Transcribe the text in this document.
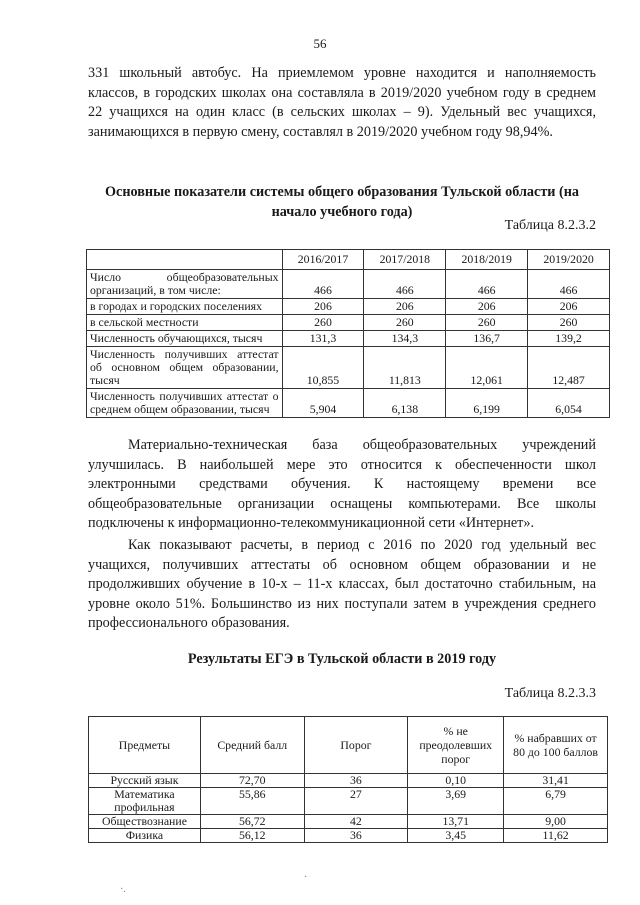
56

331 школьный автобус. На приемлемом уровне находится и наполняемость классов, в городских школах она составляла в 2019/2020 учебном году в среднем 22 учащихся на один класс (в сельских школах – 9). Удельный вес учащихся, занимающихся в первую смену, составлял в 2019/2020 учебном году 98,94%.

Основные показатели системы общего образования Тульской области (на начало учебного года)

Таблица 8.2.3.2
	2016/2017	2017/2018	2018/2019	2019/2020
Число общеобразовательных организаций, в том числе:	466	466	466	466
в городах и городских поселениях	206	206	206	206
в сельской местности	260	260	260	260
Численность обучающихся, тысяч	131,3	134,3	136,7	139,2
Численность получивших аттестат об основном общем образовании, тысяч	10,855	11,813	12,061	12,487
Численность получивших аттестат о среднем общем образовании, тысяч	5,904	6,138	6,199	6,054

Материально-техническая база общеобразовательных учреждений улучшилась. В наибольшей мере это относится к обеспеченности школ электронными средствами обучения. К настоящему времени все общеобразовательные организации оснащены компьютерами. Все школы подключены к информационно-телекоммуникационной сети «Интернет».

Как показывают расчеты, в период с 2016 по 2020 год удельный вес учащихся, получивших аттестаты об основном общем образовании и не продолживших обучение в 10-х – 11-х классах, был достаточно стабильным, на уровне около 51%. Большинство из них поступали затем в учреждения среднего профессионального образования.

Результаты ЕГЭ в Тульской области в 2019 году

Таблица 8.2.3.3
Предметы	Средний балл	Порог	% не преодолевших порог	% набравших от 80 до 100 баллов
Русский язык	72,70	36	0,10	31,41
Математика профильная	55,86	27	3,69	6,79
Обществознание	56,72	42	13,71	9,00
Физика	56,12	36	3,45	11,62
·.
·
